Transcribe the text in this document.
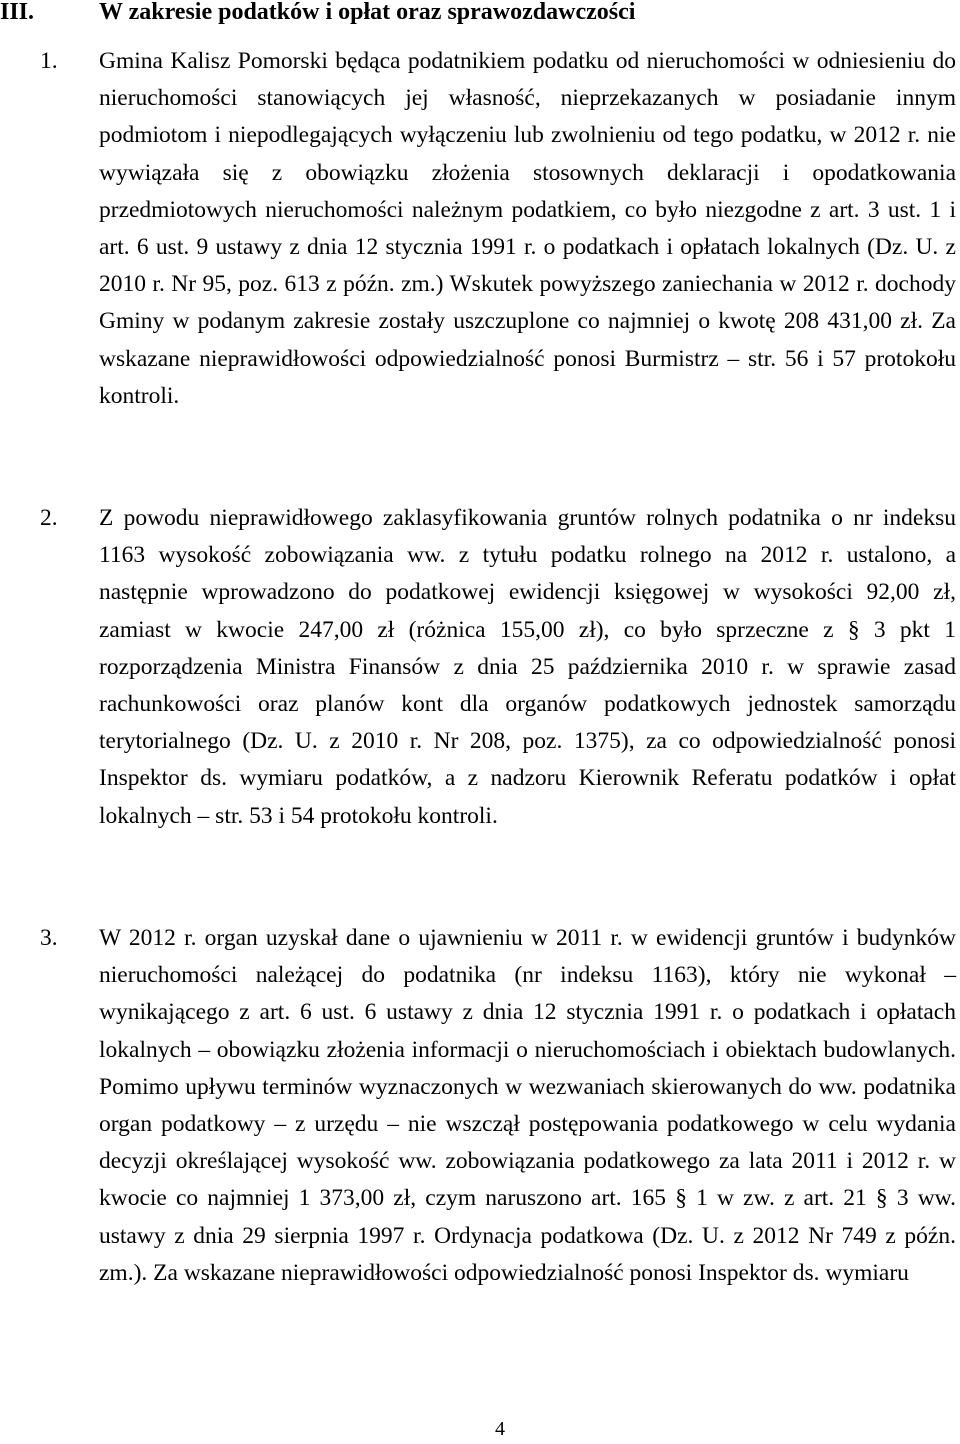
III.	W zakresie podatków i opłat oraz sprawozdawczości
1. Gmina Kalisz Pomorski będąca podatnikiem podatku od nieruchomości w odniesieniu do nieruchomości stanowiących jej własność, nieprzekazanych w posiadanie innym podmiotom i niepodlegających wyłączeniu lub zwolnieniu od tego podatku, w 2012 r. nie wywiązała się z obowiązku złożenia stosownych deklaracji i opodatkowania przedmiotowych nieruchomości należnym podatkiem, co było niezgodne z art. 3 ust. 1 i art. 6 ust. 9 ustawy z dnia 12 stycznia 1991 r. o podatkach i opłatach lokalnych (Dz. U. z 2010 r. Nr 95, poz. 613 z późn. zm.) Wskutek powyższego zaniechania w 2012 r. dochody Gminy w podanym zakresie zostały uszczuplone co najmniej o kwotę 208 431,00 zł. Za wskazane nieprawidłowości odpowiedzialność ponosi Burmistrz – str. 56 i 57 protokołu kontroli.
2. Z powodu nieprawidłowego zaklasyfikowania gruntów rolnych podatnika o nr indeksu 1163 wysokość zobowiązania ww. z tytułu podatku rolnego na 2012 r. ustalono, a następnie wprowadzono do podatkowej ewidencji księgowej w wysokości 92,00 zł, zamiast w kwocie 247,00 zł (różnica 155,00 zł), co było sprzeczne z § 3 pkt 1 rozporządzenia Ministra Finansów z dnia 25 października 2010 r. w sprawie zasad rachunkowości oraz planów kont dla organów podatkowych jednostek samorządu terytorialnego (Dz. U. z 2010 r. Nr 208, poz. 1375), za co odpowiedzialność ponosi Inspektor ds. wymiaru podatków, a z nadzoru Kierownik Referatu podatków i opłat lokalnych – str. 53 i 54 protokołu kontroli.
3. W 2012 r. organ uzyskał dane o ujawnieniu w 2011 r. w ewidencji gruntów i budynków nieruchomości należącej do podatnika (nr indeksu 1163), który nie wykonał – wynikającego z art. 6 ust. 6 ustawy z dnia 12 stycznia 1991 r. o podatkach i opłatach lokalnych – obowiązku złożenia informacji o nieruchomościach i obiektach budowlanych. Pomimo upływu terminów wyznaczonych w wezwaniach skierowanych do ww. podatnika organ podatkowy – z urzędu – nie wszczął postępowania podatkowego w celu wydania decyzji określającej wysokość ww. zobowiązania podatkowego za lata 2011 i 2012 r. w kwocie co najmniej 1 373,00 zł, czym naruszono art. 165 § 1 w zw. z art. 21 § 3 ww. ustawy z dnia 29 sierpnia 1997 r. Ordynacja podatkowa (Dz. U. z 2012 Nr 749 z późn. zm.). Za wskazane nieprawidłowości odpowiedzialność ponosi Inspektor ds. wymiaru
4
